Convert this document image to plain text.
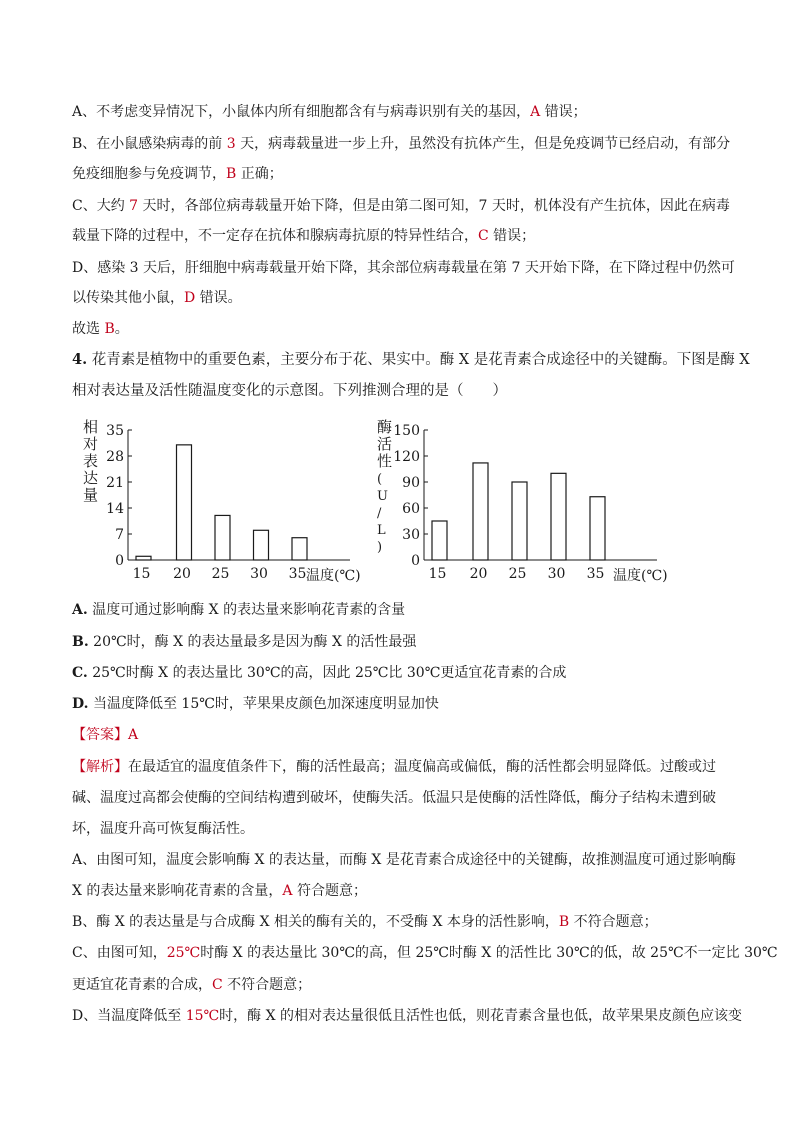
A、不考虑变异情况下，小鼠体内所有细胞都含有与病毒识别有关的基因，A 错误；
B、在小鼠感染病毒的前 3 天，病毒载量进一步上升，虽然没有抗体产生，但是免疫调节已经启动，有部分
免疫细胞参与免疫调节，B 正确；
C、大约 7 天时，各部位病毒载量开始下降，但是由第二图可知，7 天时，机体没有产生抗体，因此在病毒
载量下降的过程中，不一定存在抗体和腺病毒抗原的特异性结合，C 错误；
D、感染 3 天后，肝细胞中病毒载量开始下降，其余部位病毒载量在第 7 天开始下降，在下降过程中仍然可
以传染其他小鼠，D 错误。
故选 B。
4. 花青素是植物中的重要色素，主要分布于花、果实中。酶 X 是花青素合成途径中的关键酶。下图是酶 X
相对表达量及活性随温度变化的示意图。下列推测合理的是（　　）
0
7
14
21
28
35
相对表达量
15 20 25 30 35 温度(℃)
0
30
60
90
120
150
酶活性( U / L )
15 20 25 30 35 温度(℃)
A. 温度可通过影响酶 X 的表达量来影响花青素的含量
B. 20℃时，酶 X 的表达量最多是因为酶 X 的活性最强
C. 25℃时酶 X 的表达量比 30℃的高，因此 25℃比 30℃更适宜花青素的合成
D. 当温度降低至 15℃时，苹果果皮颜色加深速度明显加快
【答案】A
【解析】在最适宜的温度值条件下，酶的活性最高；温度偏高或偏低，酶的活性都会明显降低。过酸或过
碱、温度过高都会使酶的空间结构遭到破坏，使酶失活。低温只是使酶的活性降低，酶分子结构未遭到破
坏，温度升高可恢复酶活性。
A、由图可知，温度会影响酶 X 的表达量，而酶 X 是花青素合成途径中的关键酶，故推测温度可通过影响酶
X 的表达量来影响花青素的含量，A 符合题意；
B、酶 X 的表达量是与合成酶 X 相关的酶有关的，不受酶 X 本身的活性影响，B 不符合题意；
C、由图可知，25℃时酶 X 的表达量比 30℃的高，但 25℃时酶 X 的活性比 30℃的低，故 25℃不一定比 30℃
更适宜花青素的合成，C 不符合题意；
D、当温度降低至 15℃时，酶 X 的相对表达量很低且活性也低，则花青素含量也低，故苹果果皮颜色应该变
